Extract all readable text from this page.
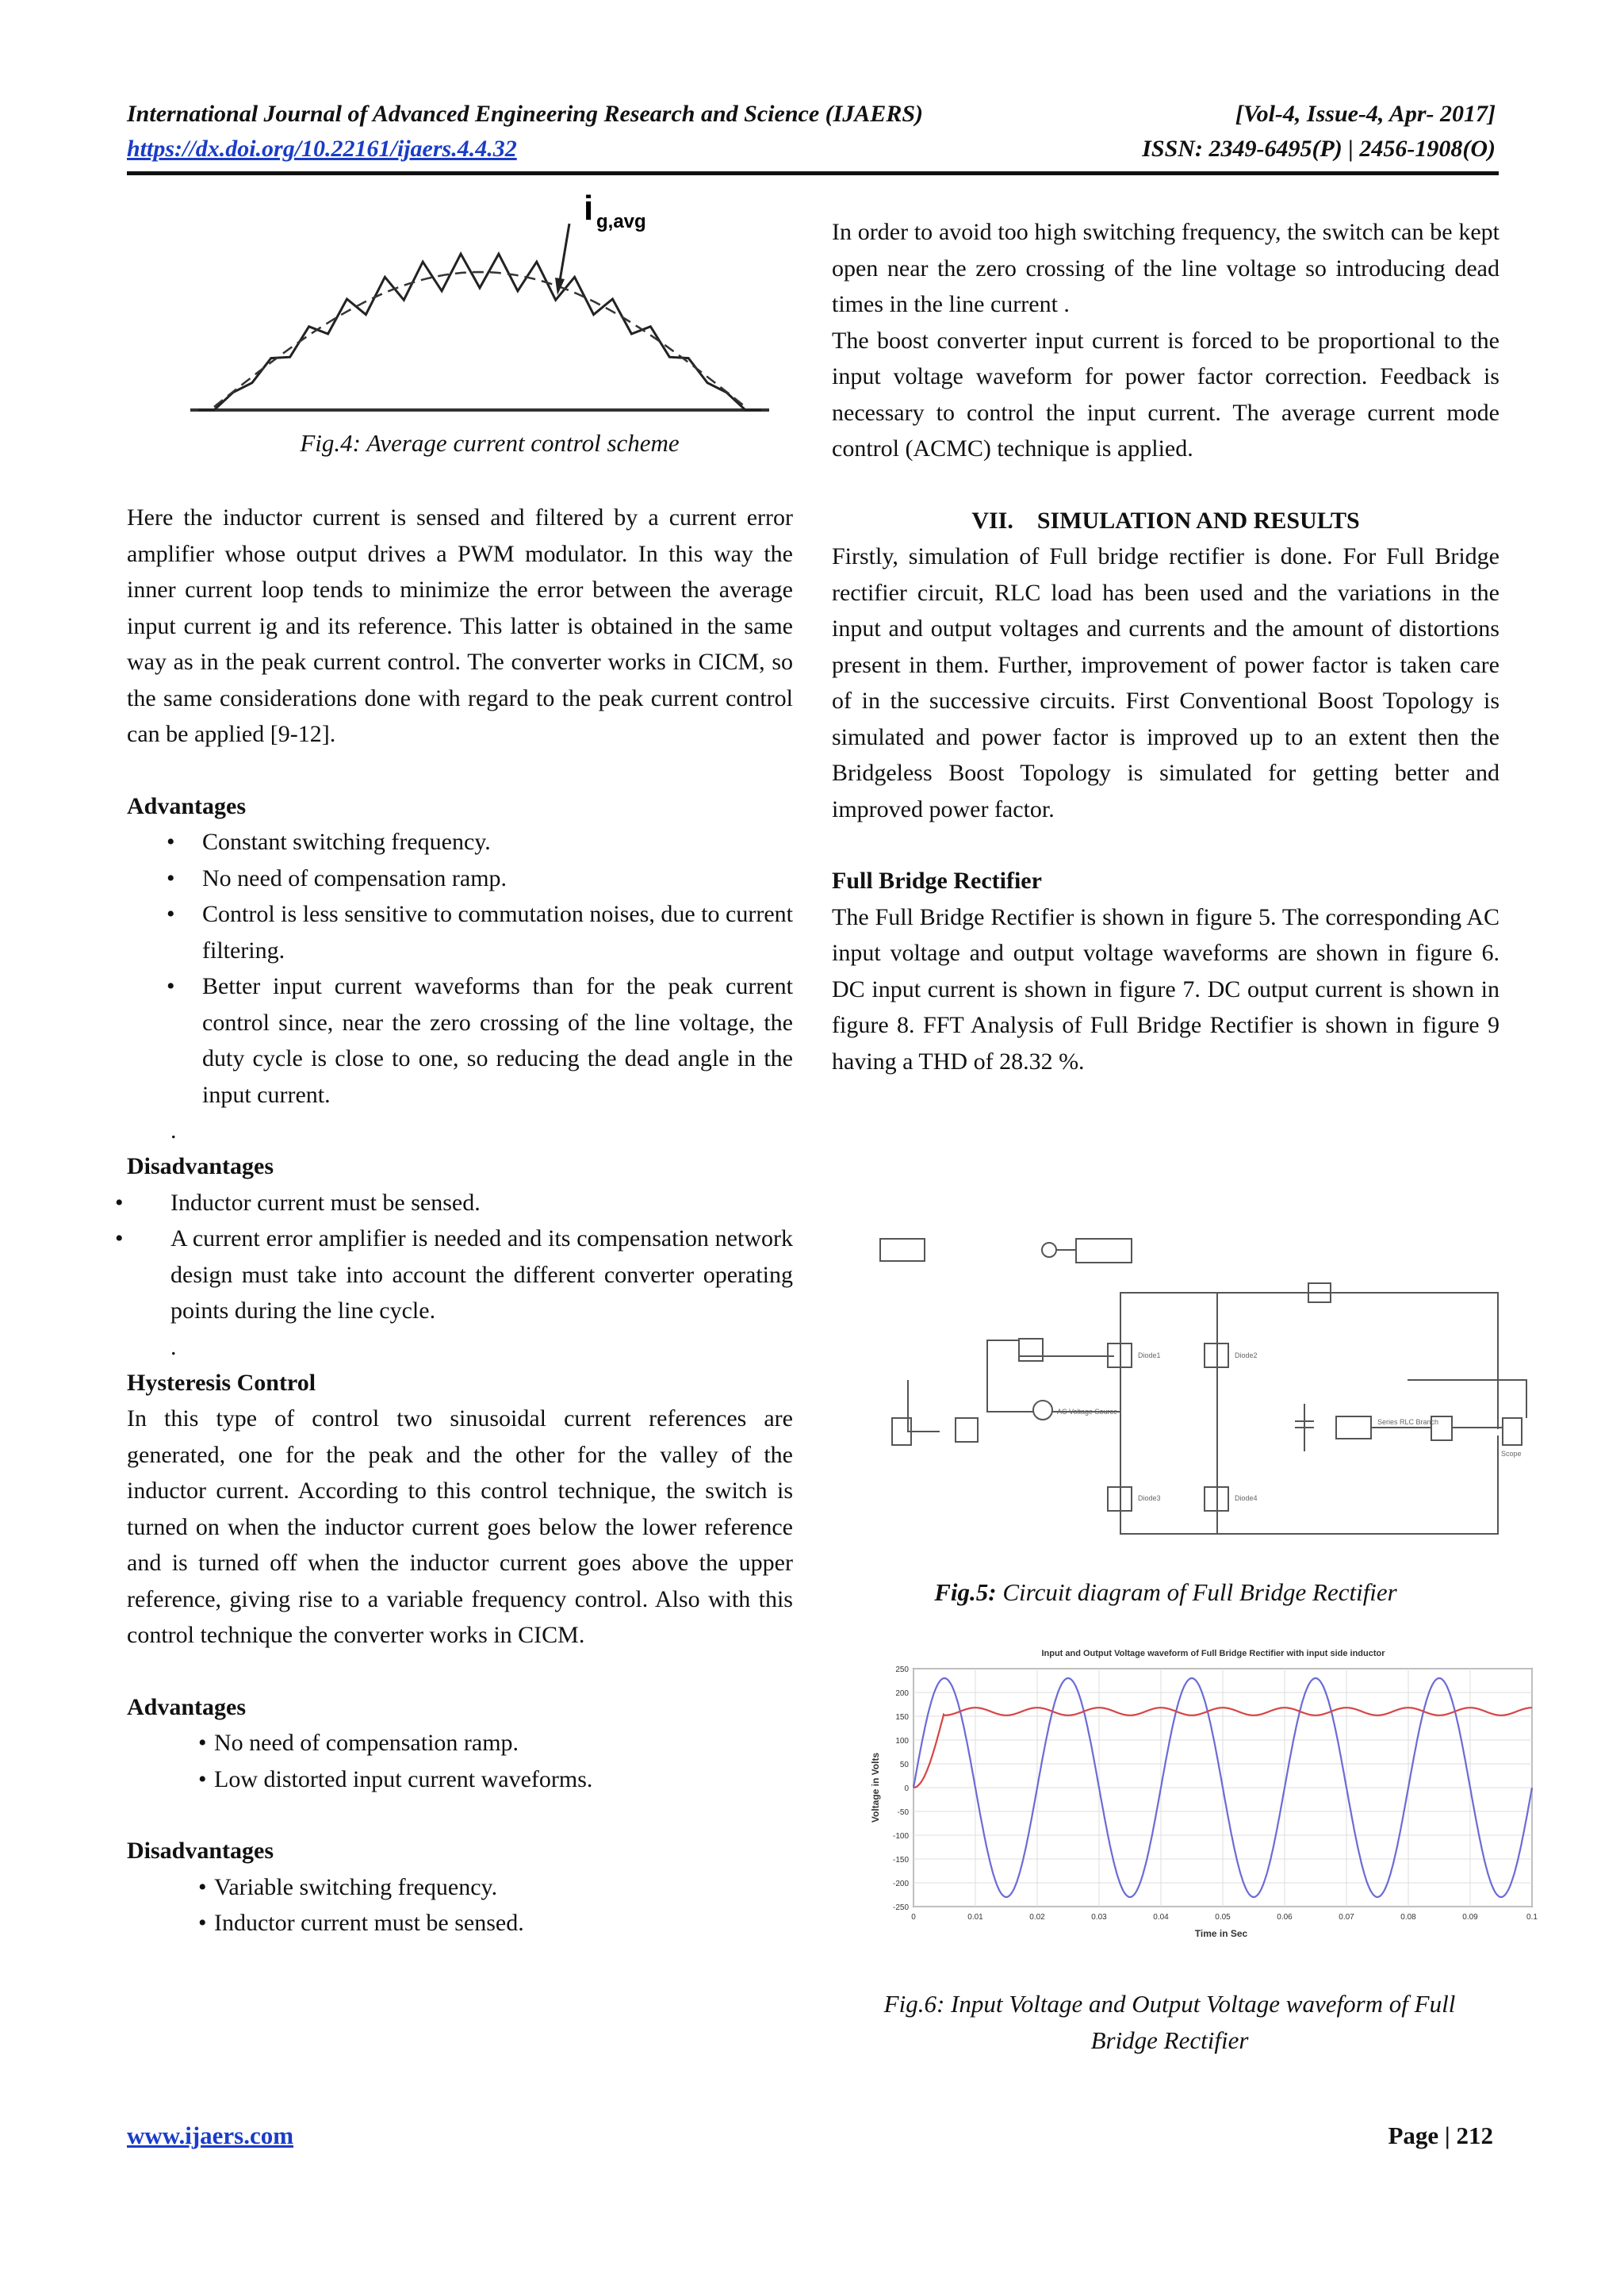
International Journal of Advanced Engineering Research and Science (IJAERS)	[Vol-4, Issue-4, Apr- 2017]
https://dx.doi.org/10.22161/ijaers.4.4.32	ISSN: 2349-6495(P) | 2456-1908(O)
i g,avg
Fig.4: Average current control scheme

Here the inductor current is sensed and filtered by a current error amplifier whose output drives a PWM modulator. In this way the inner current loop tends to minimize the error between the average input current ig and its reference. This latter is obtained in the same way as in the peak current control. The converter works in CICM, so the same considerations done with regard to the peak current control can be applied [9-12].

Advantages

• Constant switching frequency.
• No need of compensation ramp.
• Control is less sensitive to commutation noises, due to current filtering.
• Better input current waveforms than for the peak current control since, near the zero crossing of the line voltage, the duty cycle is close to one, so reducing the dead angle in the input current.

.

Disadvantages

• Inductor current must be sensed.
• A current error amplifier is needed and its compensation network design must take into account the different converter operating points during the line cycle.

.

Hysteresis Control

In this type of control two sinusoidal current references are generated, one for the peak and the other for the valley of the inductor current. According to this control technique, the switch is turned on when the inductor current goes below the lower reference and is turned off when the inductor current goes above the upper reference, giving rise to a variable frequency control. Also with this control technique the converter works in CICM.

Advantages

• No need of compensation ramp.
• Low distorted input current waveforms.

Disadvantages

• Variable switching frequency.
• Inductor current must be sensed.

In order to avoid too high switching frequency, the switch can be kept open near the zero crossing of the line voltage so introducing dead times in the line current .

The boost converter input current is forced to be proportional to the input voltage waveform for power factor correction. Feedback is necessary to control the input current. The average current mode control (ACMC) technique is applied.

VII.    SIMULATION AND RESULTS

Firstly, simulation of Full bridge rectifier is done. For Full Bridge rectifier circuit, RLC load has been used and the variations in the input and output voltages and currents and the amount of distortions present in them. Further, improvement of power factor is taken care of in the successive circuits. First Conventional Boost Topology is simulated and power factor is improved up to an extent then the Bridgeless Boost Topology is simulated for getting better and improved power factor.

Full Bridge Rectifier

The Full Bridge Rectifier is shown in figure 5. The corresponding AC input voltage and output voltage waveforms are shown in figure 6. DC input current is shown in figure 7. DC output current is shown in figure 8. FFT Analysis of Full Bridge Rectifier is shown in figure 9 having a THD of 28.32 %.

Diode1	Diode2
Diode3	Diode4
AC Voltage Source
Series RLC Branch
Scope
Fig.5: Circuit diagram of Full Bridge Rectifier
Input and Output Voltage waveform of Full Bridge Rectifier with input side inductor
250
200
150
100
50
0
-50
-100
-150
-200
-250
0	0.01	0.02	0.03	0.04	0.05	0.06	0.07	0.08	0.09	0.1
Time in Sec
Voltage in Volts
Fig.6: Input Voltage and Output Voltage waveform of Full Bridge Rectifier
www.ijaers.com	Page | 212
